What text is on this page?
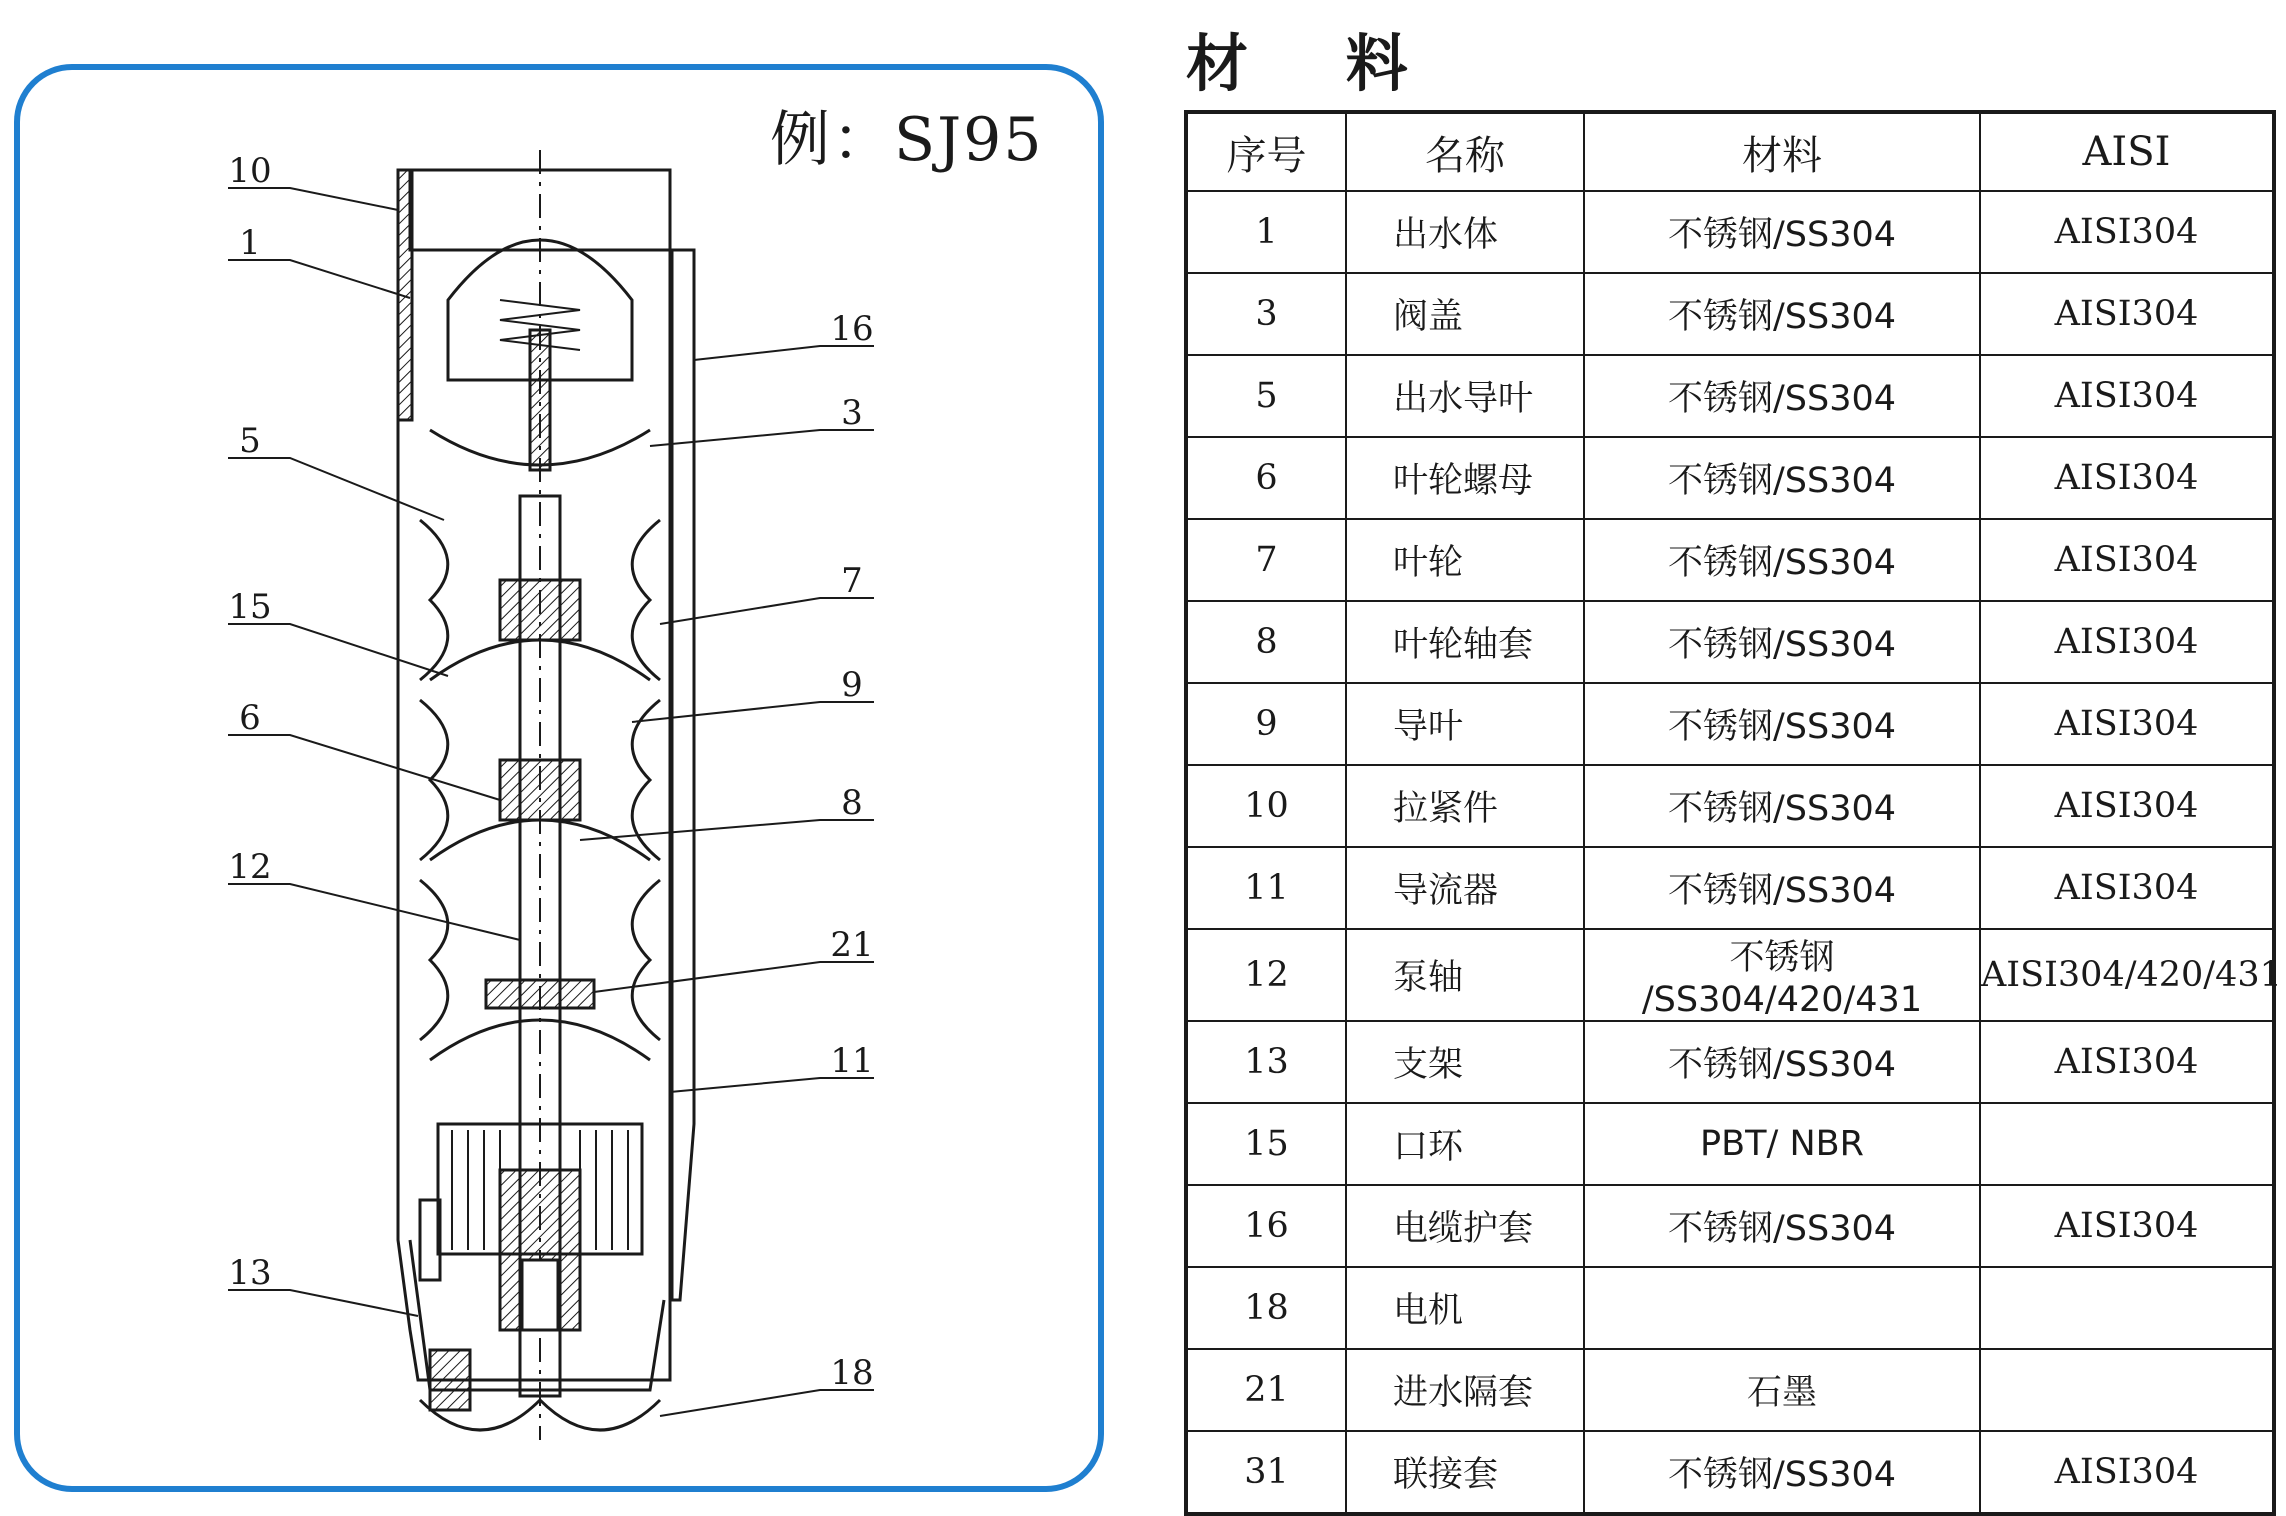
例：SJ95
10
1
5
15
6
12
13
16
3
7
9
8
21
11
18
材 料
序号	名称	材料	AISI
1	出水体	不锈钢/SS304	AISI304
3	阀盖	不锈钢/SS304	AISI304
5	出水导叶	不锈钢/SS304	AISI304
6	叶轮螺母	不锈钢/SS304	AISI304
7	叶轮	不锈钢/SS304	AISI304
8	叶轮轴套	不锈钢/SS304	AISI304
9	导叶	不锈钢/SS304	AISI304
10	拉紧件	不锈钢/SS304	AISI304
11	导流器	不锈钢/SS304	AISI304
12	泵轴	不锈钢 /SS304/420/431	AISI304/420/431
13	支架	不锈钢/SS304	AISI304
15	口环	PBT/ NBR	
16	电缆护套	不锈钢/SS304	AISI304
18	电机		
21	进水隔套	石墨	
31	联接套	不锈钢/SS304	AISI304
